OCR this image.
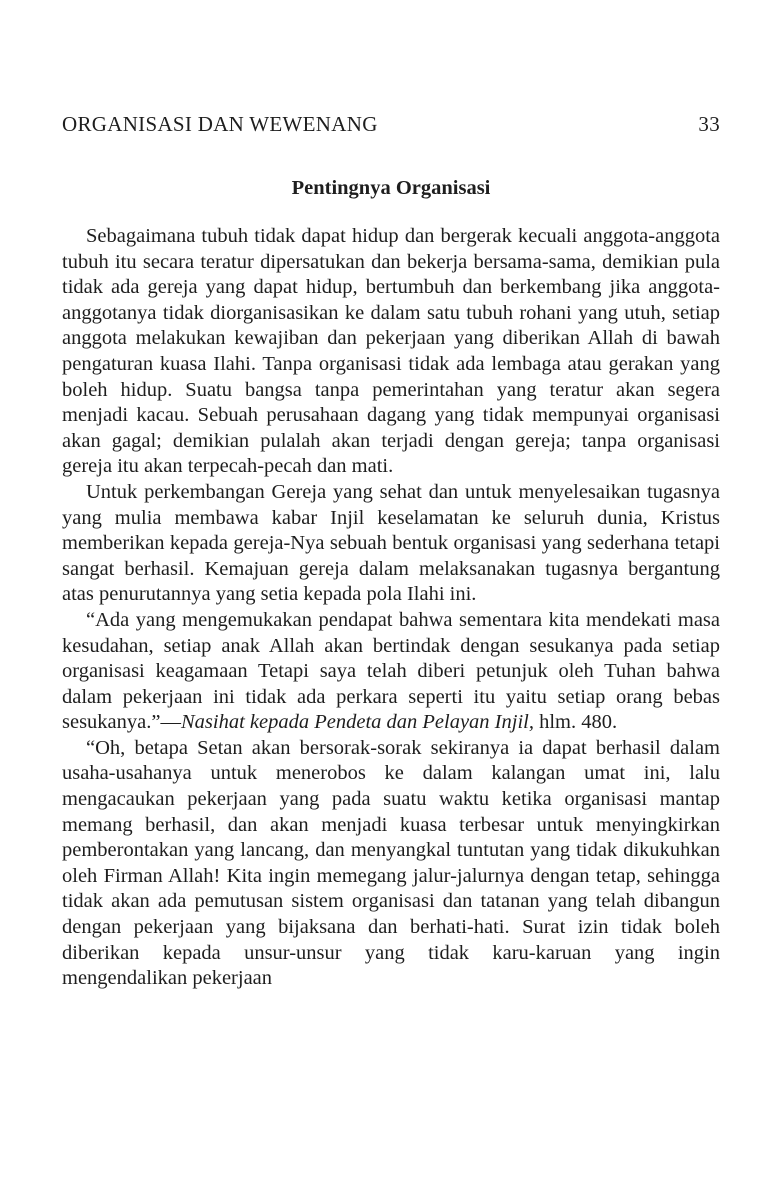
ORGANISASI DAN WEWENANG	33
Pentingnya Organisasi

Sebagaimana tubuh tidak dapat hidup dan bergerak kecuali anggota-anggota tubuh itu secara teratur dipersatukan dan bekerja bersama-sama, demikian pula tidak ada gereja yang dapat hidup, bertumbuh dan berkembang jika anggota-anggotanya tidak diorganisasikan ke dalam satu tubuh rohani yang utuh, setiap anggota melakukan kewajiban dan pekerjaan yang diberikan Allah di bawah pengaturan kuasa Ilahi. Tanpa organisasi tidak ada lembaga atau gerakan yang boleh hidup. Suatu bangsa tanpa pemerintahan yang teratur akan segera menjadi kacau. Sebuah perusahaan dagang yang tidak mempunyai organisasi akan gagal; demikian pulalah akan terjadi dengan gereja; tanpa organisasi gereja itu akan terpecah-pecah dan mati.

Untuk perkembangan Gereja yang sehat dan untuk menyelesaikan tugasnya yang mulia membawa kabar Injil keselamatan ke seluruh dunia, Kristus memberikan kepada gereja-Nya sebuah bentuk organisasi yang sederhana tetapi sangat berhasil. Kemajuan gereja dalam melaksanakan tugasnya bergantung atas penurutannya yang setia kepada pola Ilahi ini.

“Ada yang mengemukakan pendapat bahwa sementara kita mendekati masa kesudahan, setiap anak Allah akan bertindak dengan sesukanya pada setiap organisasi keagamaan Tetapi saya telah diberi petunjuk oleh Tuhan bahwa dalam pekerjaan ini tidak ada perkara seperti itu yaitu setiap orang bebas sesukanya.”—Nasihat kepada Pendeta dan Pelayan Injil, hlm. 480.

“Oh, betapa Setan akan bersorak-sorak sekiranya ia dapat berhasil dalam usaha-usahanya untuk menerobos ke dalam kalangan umat ini, lalu mengacaukan pekerjaan yang pada suatu waktu ketika organisasi mantap memang berhasil, dan akan menjadi kuasa terbesar untuk menyingkirkan pemberontakan yang lancang, dan menyangkal tuntutan yang tidak dikukuhkan oleh Firman Allah! Kita ingin memegang jalur-jalurnya dengan tetap, sehingga tidak akan ada pemutusan sistem organisasi dan tatanan yang telah dibangun dengan pekerjaan yang bijaksana dan berhati-hati. Surat izin tidak boleh diberikan kepada unsur-unsur yang tidak karu-karuan yang ingin mengendalikan pekerjaan
